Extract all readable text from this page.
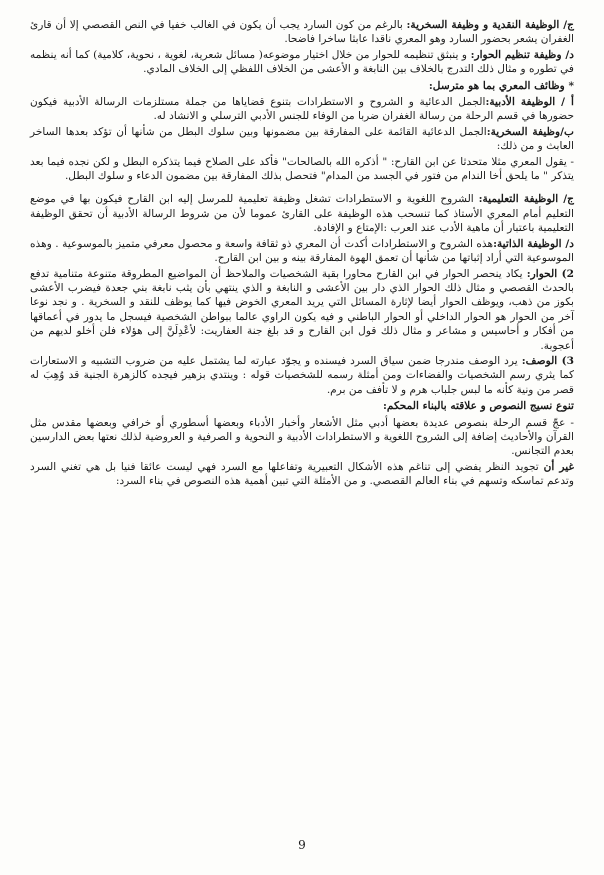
ج/ الوظيفة النقدية و وظيفة السخرية: بالرغم من كون السارد يجب أن يكون في الغالب خفيا في النص القصصي إلا أن قارئ الغفران يشعر بحضور السارد وهو المعري ناقدا عابثا ساخرا فاضحا.

د/ وظيفة تنظيم الحوار: و ينبثق تنظيمه للحوار من خلال اختيار موضوعه( مسائل شعرية، لغوية ، نحوية، كلامية) كما أنه ينظمه في تطوره و مثال ذلك التدرج بالخلاف بين النابغة و الأعشى من الخلاف اللفظي إلى الخلاف المادي.

* وظائف المعري بما هو مترسل:

أ / الوظيفة الأدبية:الجمل الدعائية و الشروح و الاستطرادات بتنوع قضاياها من جملة مستلزمات الرسالة الأدبية فيكون حضورها في قسم الرحلة من رسالة الغفران ضربا من الوفاء للجنس الأدبي الترسلي و الانشاد له.

ب/وظيفة السخرية:الجمل الدعائية القائمة على المفارقة بين مضمونها وبين سلوك البطل من شأنها أن تؤكد بعدها الساخر العابث و من ذلك:

- يقول المعري مثلا متحدثا عن ابن القارح: " أذكره الله بالصالحات" فأكد على الصلاح فيما يتذكره البطل و لكن نجده فيما بعد يتذكر " ما يلحق أخا الندام من فتور في الجسد من المدام" فتحصل بذلك المفارقة بين مضمون الدعاء و سلوك البطل.

ج/ الوظيفة التعليمية: الشروح اللغوية و الاستطرادات تشغل وظيفة تعليمية للمرسل إليه ابن القارح فيكون بها في موضع التعليم أمام المعري الأستاذ كما تنسحب هذه الوظيفة على القارئ عموما لأن من شروط الرسالة الأدبية أن تحقق الوظيفة التعليمية باعتبار أن ماهية الأدب عند العرب :الإمتاع و الإفادة.

د/ الوظيفة الذاتية:هذه الشروح و الاستطرادات أكدت أن المعري ذو ثقافة واسعة و محصول معرفي متميز بالموسوعية . وهذه الموسوعية التي أراد إثباتها من شأنها أن تعمق الهوة المفارقة بينه و بين ابن القارح.

2) الحوار: يكاد ينحصر الحوار في ابن القارح محاورا بقية الشخصيات والملاحظ أن المواضيع المطروقة متنوعة متنامية تدفع بالحدث القصصي و مثال ذلك الحوار الذي دار بين الأعشى و النابغة و الذي ينتهي بأن يثب نابغة بني جعدة فيضرب الأعشى بكوز من ذهب، ويوظف الحوار أيضا لإثارة المسائل التي يريد المعري الخوض فيها كما يوظف للنقد و السخرية . و نجد نوعا آخر من الحوار هو الحوار الداخلي أو الحوار الباطني و فيه يكون الراوي عالما ببواطن الشخصية فيسجل ما يدور في أعماقها من أفكار و أحاسيس و مشاعر و مثال ذلك قول ابن القارح و قد بلغ جنة العفاريت: لأعْدِلَنَّ إلى هؤلاء فلن أخلو لديهم من أعجوبة.

3) الوصف: يرد الوصف مندرجا ضمن سياق السرد فيسنده و يجوّد عبارته لما يشتمل عليه من ضروب التشبيه و الاستعارات كما يثري رسم الشخصيات والفضاءات ومن أمثلة رسمه للشخصيات قوله : وينتدي بزهير فيجده كالزهرة الجنية قد وُهِبَ له قصر من ونية كأنه ما لبس جلباب هرم و لا تأفف من برم.

تنوع نسيج النصوص و علاقته بالبناء المحكم:

- عجّ قسم الرحلة بنصوص عديدة بعضها أدبي مثل الأشعار وأخبار الأدباء وبعضها أسطوري أو خرافي وبعضها مقدس مثل القرآن والأحاديث إضافة إلى الشروح اللغوية و الاستطرادات الأدبية و النحوية و الصرفية و العروضية لذلك نعتها بعض الدارسين بعدم التجانس.

غير أن تجويد النظر يفضي إلى تناغم هذه الأشكال التعبيرية وتفاعلها مع السرد فهي ليست عائقا فنيا بل هي تغني السرد وتدعم تماسكه وتسهم في بناء العالم القصصي. و من الأمثلة التي تبين أهمية هذه النصوص في بناء السرد:

9
